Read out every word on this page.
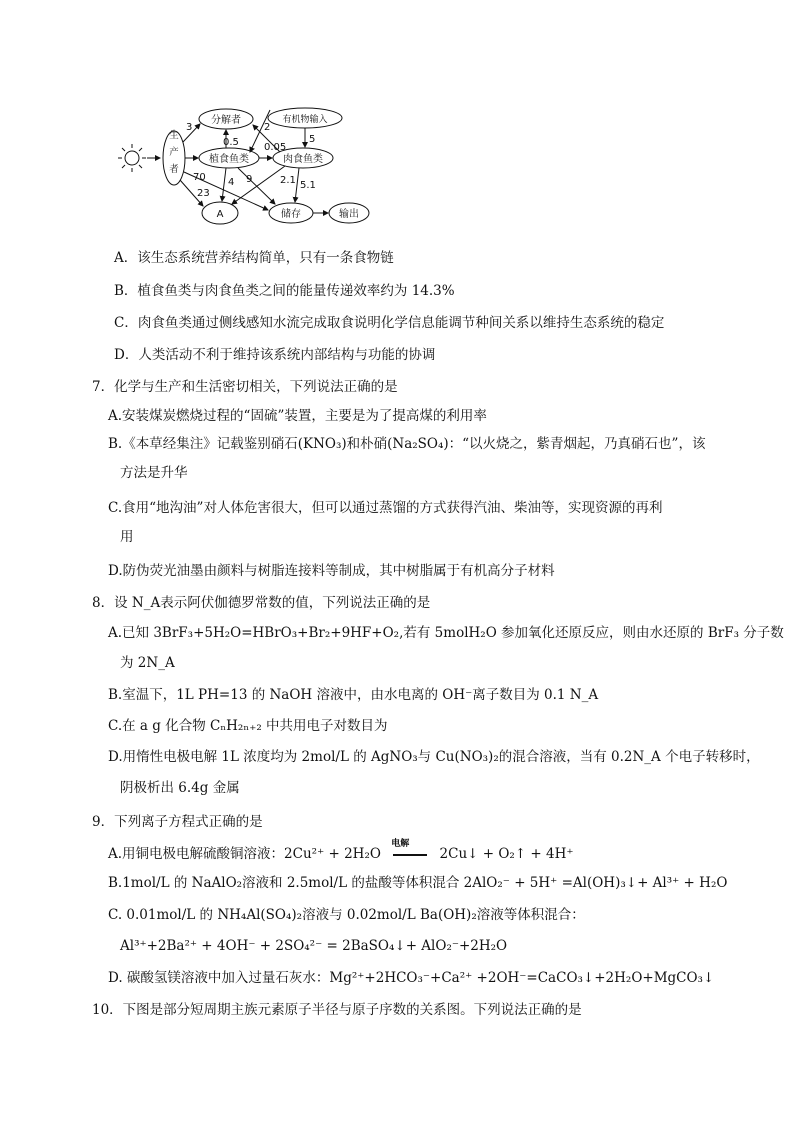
生
产
者
分解者	有机物输入
植食鱼类	肉食鱼类
A	储存	输出
3	2
0.5	0.05
5
70
23
4 9	2.1 5.1
A．该生态系统营养结构简单，只有一条食物链
B．植食鱼类与肉食鱼类之间的能量传递效率约为 14.3%
C．肉食鱼类通过侧线感知水流完成取食说明化学信息能调节种间关系以维持生态系统的稳定
D．人类活动不利于维持该系统内部结构与功能的协调
7．化学与生产和生活密切相关，下列说法正确的是
A.安装煤炭燃烧过程的“固硫”装置，主要是为了提高煤的利用率
B.《本草经集注》记载鉴别硝石(KNO₃)和朴硝(Na₂SO₄)：“以火烧之，紫青烟起，乃真硝石也”，该
方法是升华
C.食用“地沟油”对人体危害很大，但可以通过蒸馏的方式获得汽油、柴油等，实现资源的再利
用
D.防伪荧光油墨由颜料与树脂连接料等制成，其中树脂属于有机高分子材料
8．设 N_A表示阿伏伽德罗常数的值，下列说法正确的是
A.已知 3BrF₃+5H₂O=HBrO₃+Br₂+9HF+O₂,若有 5molH₂O 参加氧化还原反应，则由水还原的 BrF₃ 分子数
为 2N_A
B.室温下，1L PH=13 的 NaOH 溶液中，由水电离的 OH⁻离子数目为 0.1 N_A
C.在 a g 化合物 CₙH₂ₙ₊₂ 中共用电子对数目为
D.用惰性电极电解 1L 浓度均为 2mol/L 的 AgNO₃与 Cu(NO₃)₂的混合溶液，当有 0.2N_A 个电子转移时，
阴极析出 6.4g 金属
9．下列离子方程式正确的是
A.用铜电极电解硫酸铜溶液：2Cu²⁺ + 2H₂O
电解
2Cu↓ + O₂↑ + 4H⁺
B.1mol/L 的 NaAlO₂溶液和 2.5mol/L 的盐酸等体积混合 2AlO₂⁻ + 5H⁺ =Al(OH)₃↓+ Al³⁺ + H₂O
C. 0.01mol/L 的 NH₄Al(SO₄)₂溶液与 0.02mol/L Ba(OH)₂溶液等体积混合：
Al³⁺+2Ba²⁺ + 4OH⁻ + 2SO₄²⁻ = 2BaSO₄↓+ AlO₂⁻+2H₂O
D. 碳酸氢镁溶液中加入过量石灰水：Mg²⁺+2HCO₃⁻+Ca²⁺ +2OH⁻=CaCO₃↓+2H₂O+MgCO₃↓
10．下图是部分短周期主族元素原子半径与原子序数的关系图。下列说法正确的是
